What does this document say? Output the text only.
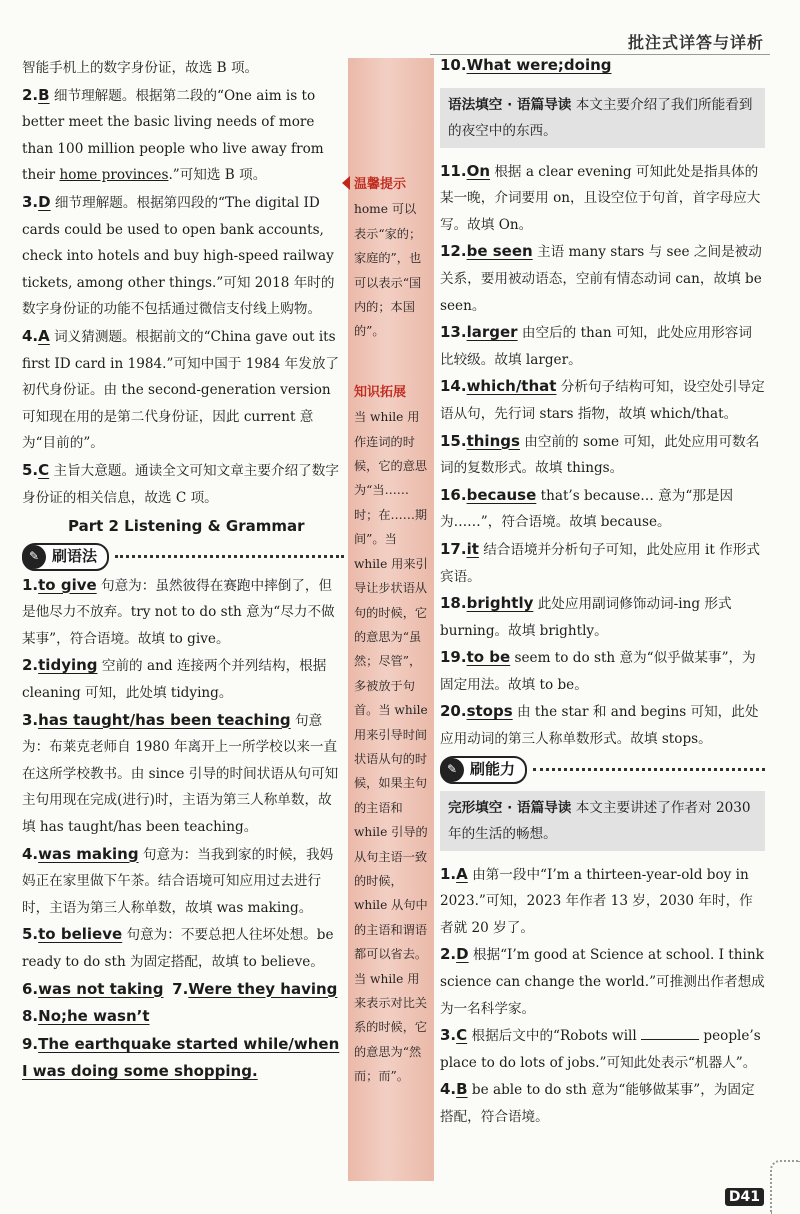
批注式详答与详析

智能手机上的数字身份证，故选 B 项。

2.B 细节理解题。根据第二段的“One aim is to better meet the basic living needs of more than 100 million people who live away from their home provinces.”可知选 B 项。

3.D 细节理解题。根据第四段的“The digital ID cards could be used to open bank accounts, check into hotels and buy high-speed railway tickets, among other things.”可知 2018 年时的数字身份证的功能不包括通过微信支付线上购物。

4.A 词义猜测题。根据前文的“China gave out its first ID card in 1984.”可知中国于 1984 年发放了初代身份证。由 the second-generation version 可知现在用的是第二代身份证，因此 current 意为“目前的”。

5.C 主旨大意题。通读全文可知文章主要介绍了数字身份证的相关信息，故选 C 项。

Part 2 Listening & Grammar
✎ 刷语法

1.to give 句意为：虽然彼得在赛跑中摔倒了，但是他尽力不放弃。try not to do sth 意为“尽力不做某事”，符合语境。故填 to give。

2.tidying 空前的 and 连接两个并列结构，根据 cleaning 可知，此处填 tidying。

3.has taught/has been teaching 句意为：布莱克老师自 1980 年离开上一所学校以来一直在这所学校教书。由 since 引导的时间状语从句可知主句用现在完成(进行)时，主语为第三人称单数，故填 has taught/has been teaching。

4.was making 句意为：当我到家的时候，我妈妈正在家里做下午茶。结合语境可知应用过去进行时，主语为第三人称单数，故填 was making。

5.to believe 句意为：不要总把人往坏处想。be ready to do sth 为固定搭配，故填 to believe。

6.was not taking 7.Were they having

8.No;he wasn’t

9.The earthquake started while/when I was doing some shopping.

温馨提示
home 可以表示“家的；家庭的”，也可以表示“国内的；本国的”。
知识拓展
当 while 用作连词的时候，它的意思为“当……时；在……期间”。当 while 用来引导让步状语从句的时候，它的意思为“虽然；尽管”，多被放于句首。当 while 用来引导时间状语从句的时候，如果主句的主语和 while 引导的从句主语一致的时候，while 从句中的主语和谓语都可以省去。当 while 用来表示对比关系的时候，它的意思为“然而；而”。

10.What were;doing

语法填空 · 语篇导读 本文主要介绍了我们所能看到的夜空中的东西。

11.On 根据 a clear evening 可知此处是指具体的某一晚，介词要用 on，且设空位于句首，首字母应大写。故填 On。

12.be seen 主语 many stars 与 see 之间是被动关系，要用被动语态，空前有情态动词 can，故填 be seen。

13.larger 由空后的 than 可知，此处应用形容词比较级。故填 larger。

14.which/that 分析句子结构可知，设空处引导定语从句，先行词 stars 指物，故填 which/that。

15.things 由空前的 some 可知，此处应用可数名词的复数形式。故填 things。

16.because that’s because… 意为“那是因为……”，符合语境。故填 because。

17.it 结合语境并分析句子可知，此处应用 it 作形式宾语。

18.brightly 此处应用副词修饰动词-ing 形式 burning。故填 brightly。

19.to be seem to do sth 意为“似乎做某事”，为固定用法。故填 to be。

20.stops 由 the star 和 and begins 可知，此处应用动词的第三人称单数形式。故填 stops。

✎ 刷能力
完形填空 · 语篇导读 本文主要讲述了作者对 2030 年的生活的畅想。

1.A 由第一段中“I’m a thirteen-year-old boy in 2023.”可知，2023 年作者 13 岁，2030 年时，作者就 20 岁了。

2.D 根据“I’m good at Science at school. I think science can change the world.”可推测出作者想成为一名科学家。

3.C 根据后文中的“Robots will	people’s place to do lots of jobs.”可知此处表示“机器人”。

4.B be able to do sth 意为“能够做某事”，为固定搭配，符合语境。

D41
